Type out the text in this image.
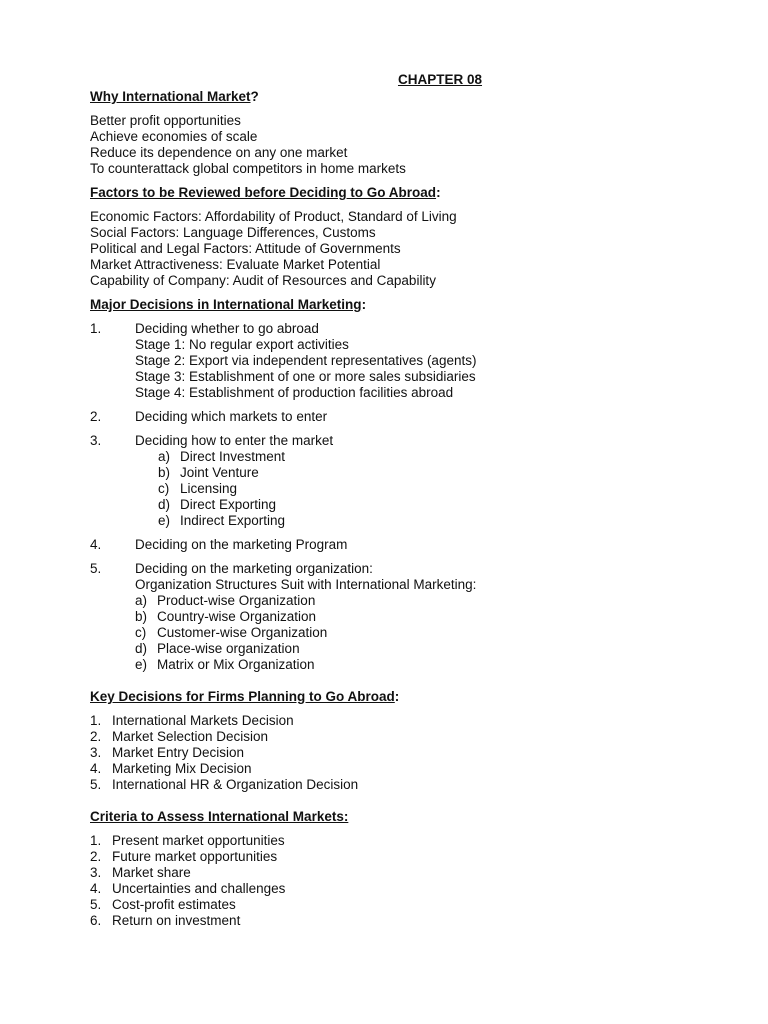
CHAPTER 08

Why International Market?

Better profit opportunities

Achieve economies of scale

Reduce its dependence on any one market

To counterattack global competitors in home markets

Factors to be Reviewed before Deciding to Go Abroad:

Economic Factors: Affordability of Product, Standard of Living

Social Factors: Language Differences, Customs

Political and Legal Factors: Attitude of Governments

Market Attractiveness: Evaluate Market Potential

Capability of Company: Audit of Resources and Capability

Major Decisions in International Marketing:

1.	Deciding whether to go abroad

Stage 1: No regular export activities

Stage 2: Export via independent representatives (agents)

Stage 3: Establishment of one or more sales subsidiaries

Stage 4: Establishment of production facilities abroad

2.	Deciding which markets to enter
3.	Deciding how to enter the market
a) Direct Investment
b) Joint Venture
c) Licensing
d) Direct Exporting
e) Indirect Exporting
4.	Deciding on the marketing Program
5.	Deciding on the marketing organization:

Organization Structures Suit with International Marketing:

a) Product-wise Organization
b) Country-wise Organization
c) Customer-wise Organization
d) Place-wise organization
e) Matrix or Mix Organization

Key Decisions for Firms Planning to Go Abroad:

1. International Markets Decision
2. Market Selection Decision
3. Market Entry Decision
4. Marketing Mix Decision
5. International HR & Organization Decision

Criteria to Assess International Markets:

1. Present market opportunities
2. Future market opportunities
3. Market share
4. Uncertainties and challenges
5. Cost-profit estimates
6. Return on investment
